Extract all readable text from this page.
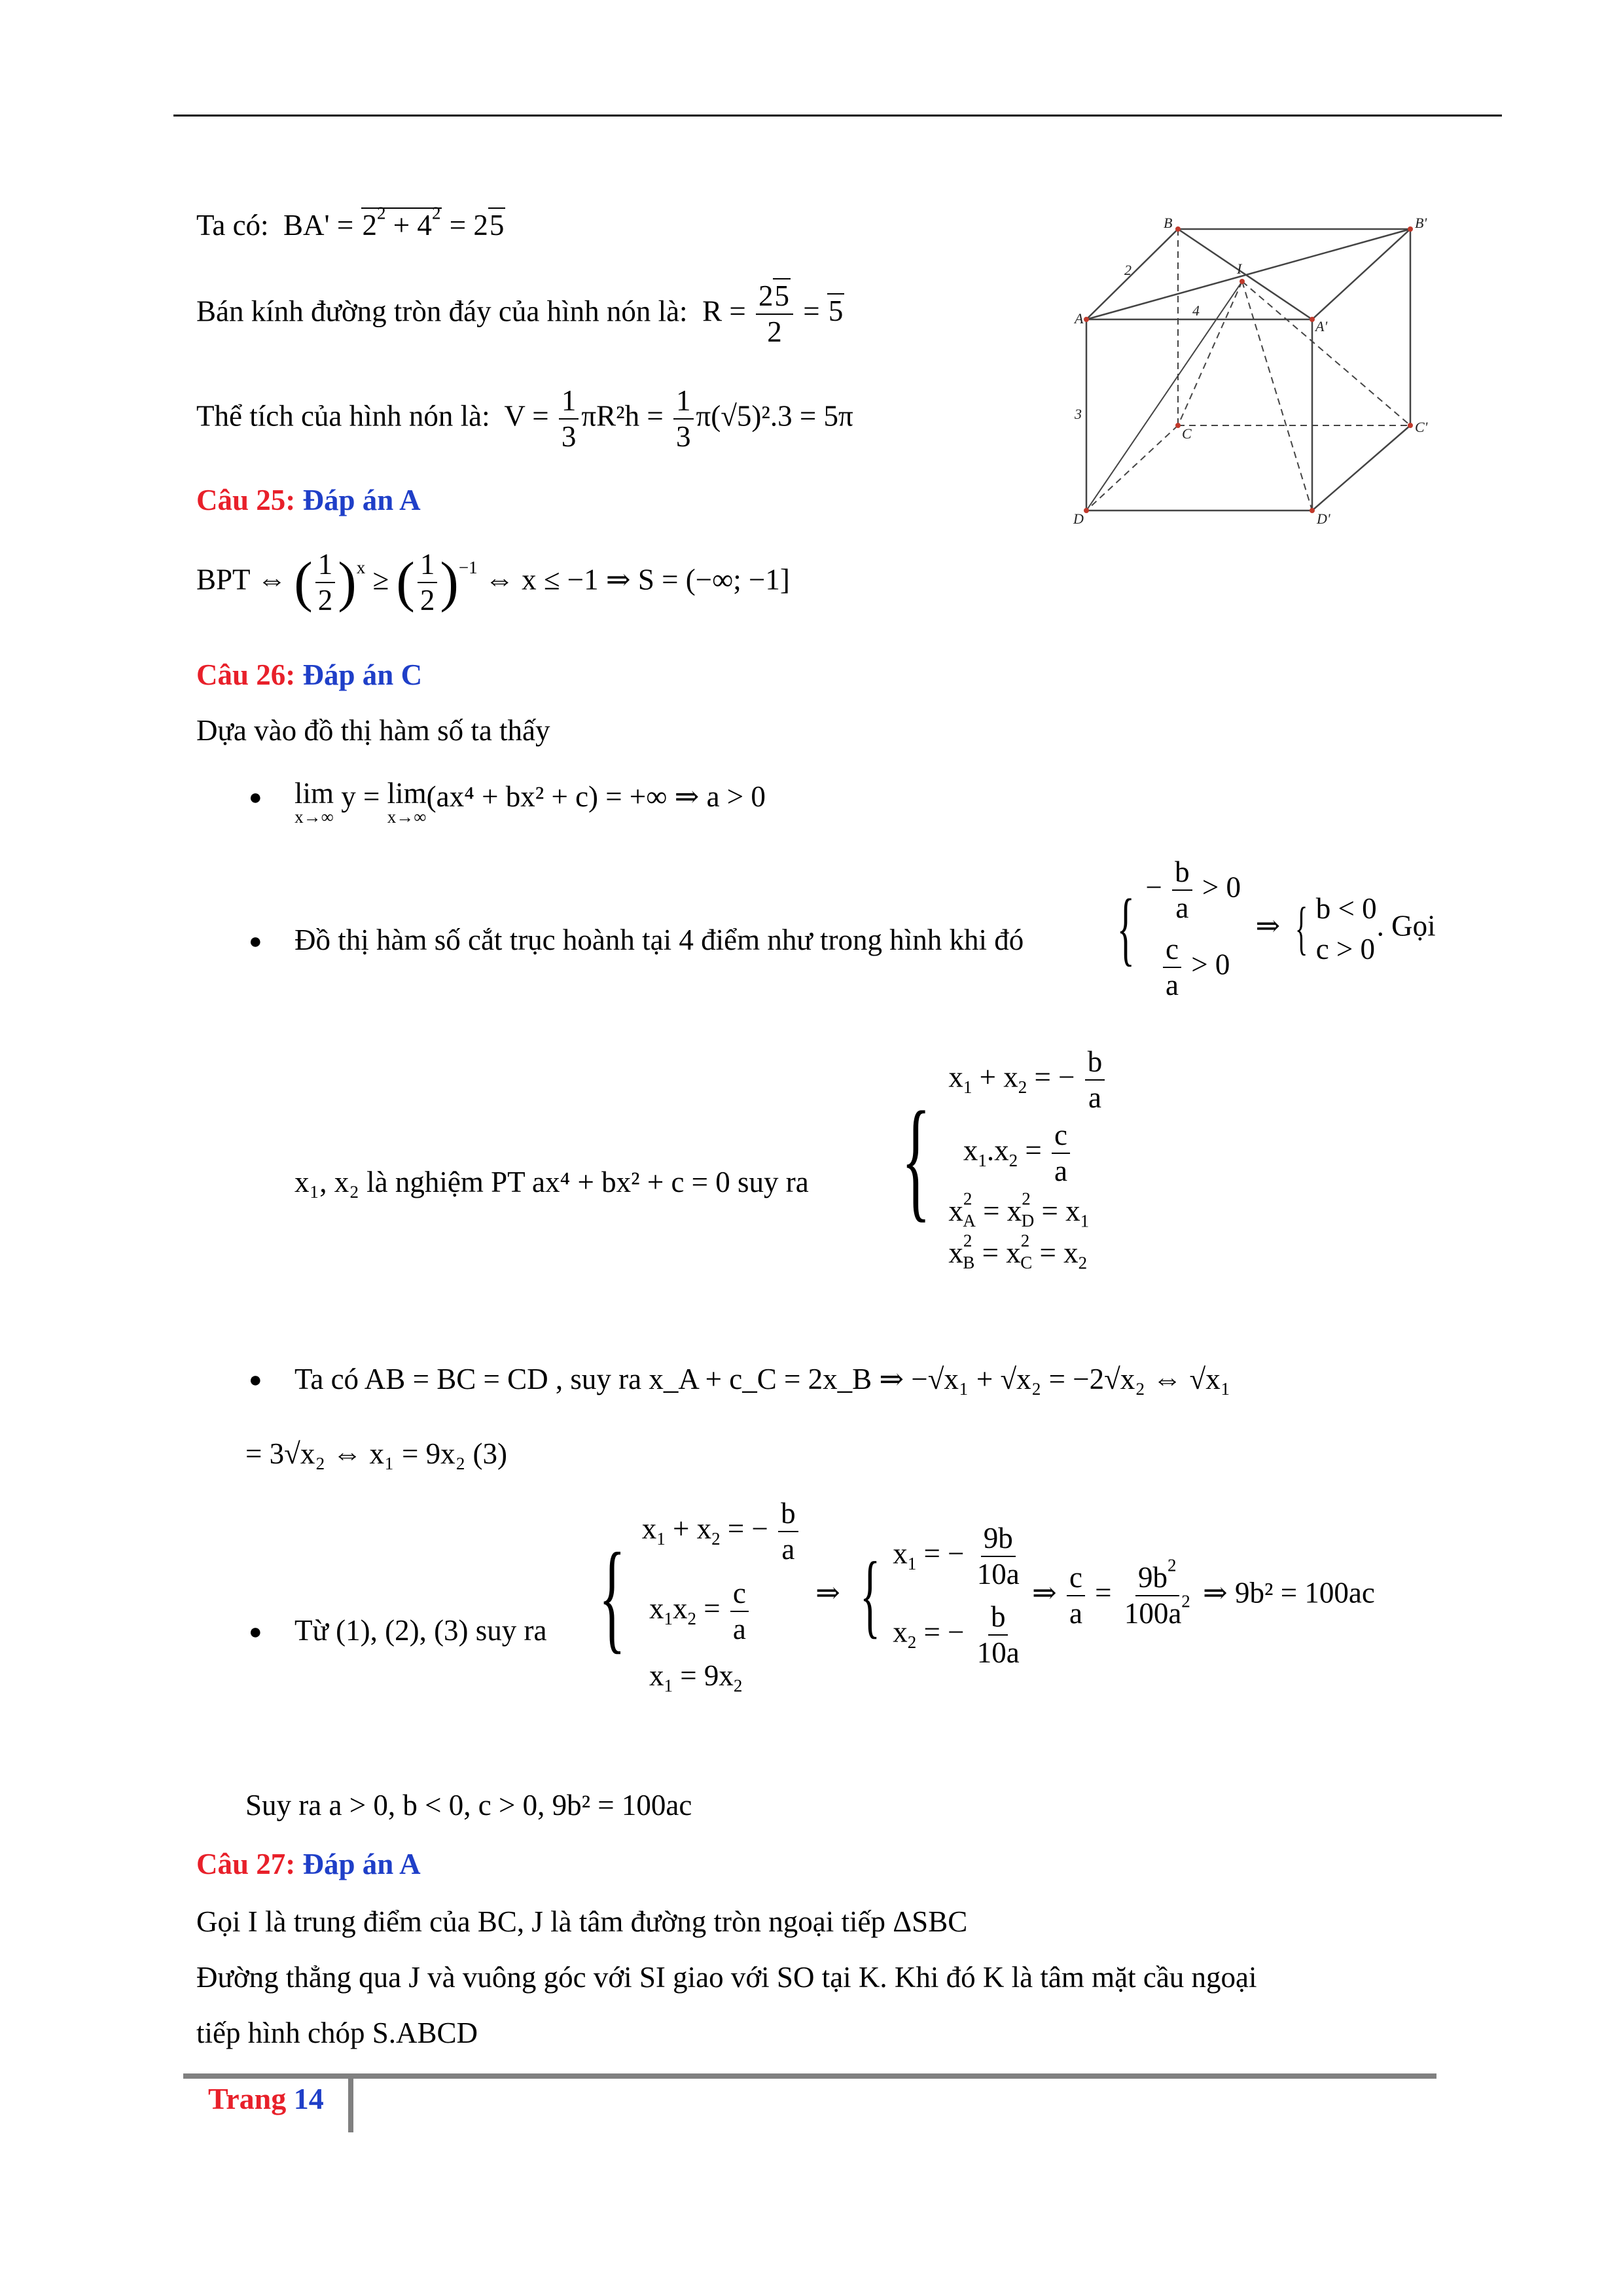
Ta có:  $BA' = 2^2 + 4^2 = 25$
Bán kính đường tròn đáy của hình nón là: $R = \frac{25}{2} = 5$
Thể tích của hình nón là: $V = \frac{1}{3} \pi R^2h = \frac{1}{3} \pi(√5)^2.3 = 5\pi$
Câu 25: Đáp án A
BPT ⇔ ( $\frac{1}{2} )^x$ ≥ ( $\frac{1}{2} )^{-1}$ ⇔ x ≤ −1 ⇒ S = (−∞; −1]
Câu 26: Đáp án C
Dựa vào đồ thị hàm số ta thấy
● lim
x→∞
y = lim
x→∞
(ax⁴ + bx² + c) = +∞ ⇒ a > 0
● Đồ thị hàm số cắt trục hoành tại 4 điểm như trong hình khi đó { − $\frac{b}{a} > 0$

$\frac{c}{a} > 0$
⇒ { b < 0
c > 0
. Gọi
x₁, x₂ là nghiệm PT ax⁴ + bx² + c = 0 suy ra {
$x_1 + x_2$ = − $\frac{b}{a}$
$x_1.x_2 = \frac{c}{a}$
$x^2_A = x^2_D = x_1$
$x^2_B = x^2_C = x_2$
● Ta có AB = BC = CD , suy ra x_A + c_C = 2x_B ⇒ −√x₁ + √x₂ = −2√x₂ ⇔ √x₁
= 3√x₂ ⇔ x₁ = 9x₂ (3)
● Từ (1), (2), (3) suy ra { $x_1 + x_2$ = − $\frac{b}{a}$
$x_1x_2 = \frac{c}{a}$
$x_1 = 9x_2$
⇒ { $x_1$ = − $\frac{9b}{10a}$
$x_2$ = − $\frac{b}{10a}$
⇒ $\frac{c}{a} = \frac{9b^2}{100a^2}$ ⇒ 9b² = 100ac
Suy ra a > 0, b < 0, c > 0, 9b² = 100ac
Câu 27: Đáp án A
Gọi I là trung điểm của BC, J là tâm đường tròn ngoại tiếp ΔSBC
Đường thẳng qua J và vuông góc với SI giao với SO tại K. Khi đó K là tâm mặt cầu ngoại
tiếp hình chóp S.ABCD
Trang 14
B	B'
A	A'
I
C	C'
D	D'
2
4
3
